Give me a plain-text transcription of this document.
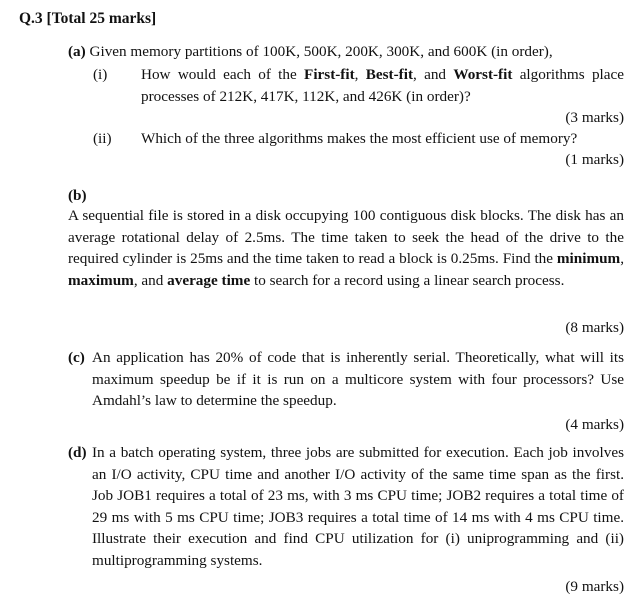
Q.3 [Total 25 marks]
(a) Given memory partitions of 100K, 500K, 200K, 300K, and 600K (in order),
(i) How would each of the First-fit, Best-fit, and Worst-fit algorithms place processes of 212K, 417K, 112K, and 426K (in order)?
(3 marks)
(ii) Which of the three algorithms makes the most efficient use of memory?
(1 marks)
(b)
A sequential file is stored in a disk occupying 100 contiguous disk blocks. The disk has an average rotational delay of 2.5ms. The time taken to seek the head of the drive to the required cylinder is 25ms and the time taken to read a block is 0.25ms. Find the minimum, maximum, and average time to search for a record using a linear search process.
(8 marks)
(c) An application has 20% of code that is inherently serial. Theoretically, what will its maximum speedup be if it is run on a multicore system with four processors? Use Amdahl’s law to determine the speedup.
(4 marks)
(d) In a batch operating system, three jobs are submitted for execution. Each job involves an I/O activity, CPU time and another I/O activity of the same time span as the first. Job JOB1 requires a total of 23 ms, with 3 ms CPU time; JOB2 requires a total time of 29 ms with 5 ms CPU time; JOB3 requires a total time of 14 ms with 4 ms CPU time. Illustrate their execution and find CPU utilization for (i) uniprogramming and (ii) multiprogramming systems.
(9 marks)
